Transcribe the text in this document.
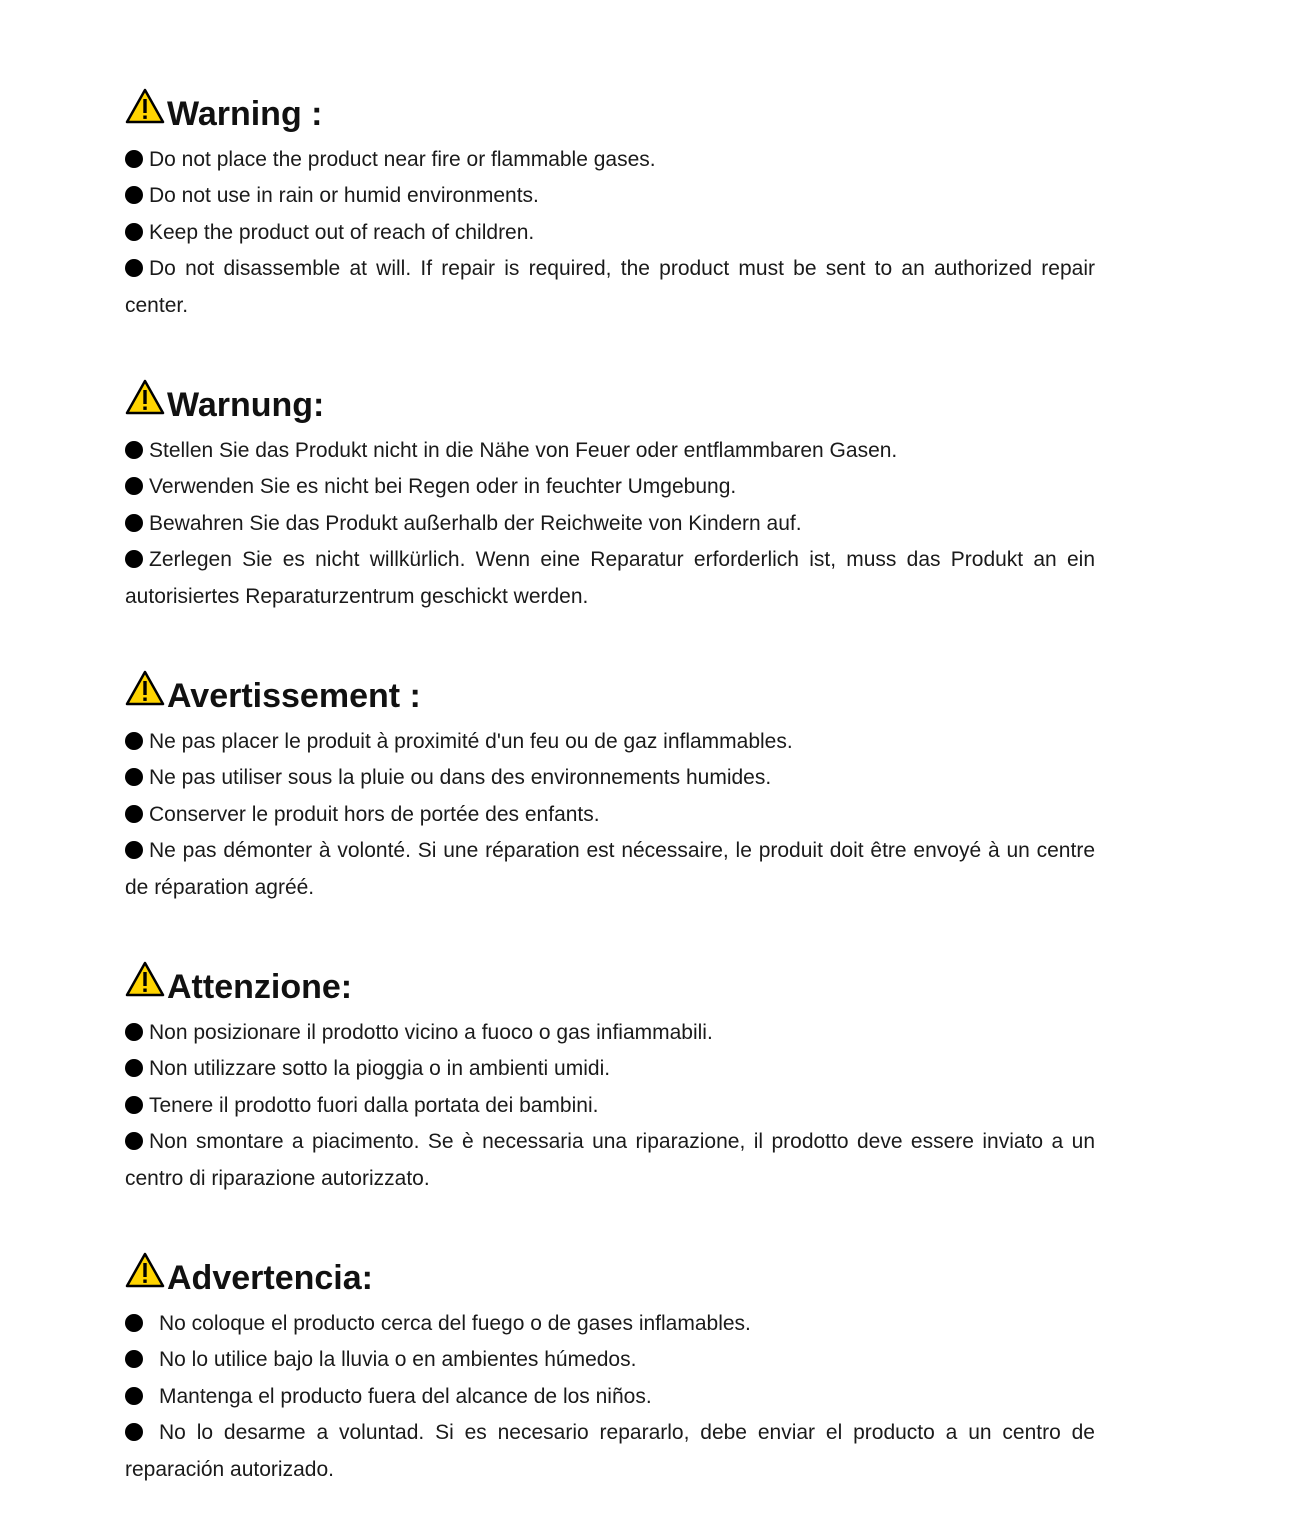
Warning :
Do not place the product near fire or flammable gases.
Do not use in rain or humid environments.
Keep the product out of reach of children.
Do not disassemble at will. If repair is required, the product must be sent to an authorized repair center.
Warnung:
Stellen Sie das Produkt nicht in die Nähe von Feuer oder entflammbaren Gasen.
Verwenden Sie es nicht bei Regen oder in feuchter Umgebung.
Bewahren Sie das Produkt außerhalb der Reichweite von Kindern auf.
Zerlegen Sie es nicht willkürlich. Wenn eine Reparatur erforderlich ist, muss das Produkt an ein autorisiertes Reparaturzentrum geschickt werden.
Avertissement :
Ne pas placer le produit à proximité d'un feu ou de gaz inflammables.
Ne pas utiliser sous la pluie ou dans des environnements humides.
Conserver le produit hors de portée des enfants.
Ne pas démonter à volonté. Si une réparation est nécessaire, le produit doit être envoyé à un centre de réparation agréé.
Attenzione:
Non posizionare il prodotto vicino a fuoco o gas infiammabili.
Non utilizzare sotto la pioggia o in ambienti umidi.
Tenere il prodotto fuori dalla portata dei bambini.
Non smontare a piacimento. Se è necessaria una riparazione, il prodotto deve essere inviato a un centro di riparazione autorizzato.
Advertencia:
No coloque el producto cerca del fuego o de gases inflamables.
No lo utilice bajo la lluvia o en ambientes húmedos.
Mantenga el producto fuera del alcance de los niños.
No lo desarme a voluntad. Si es necesario repararlo, debe enviar el producto a un centro de reparación autorizado.
